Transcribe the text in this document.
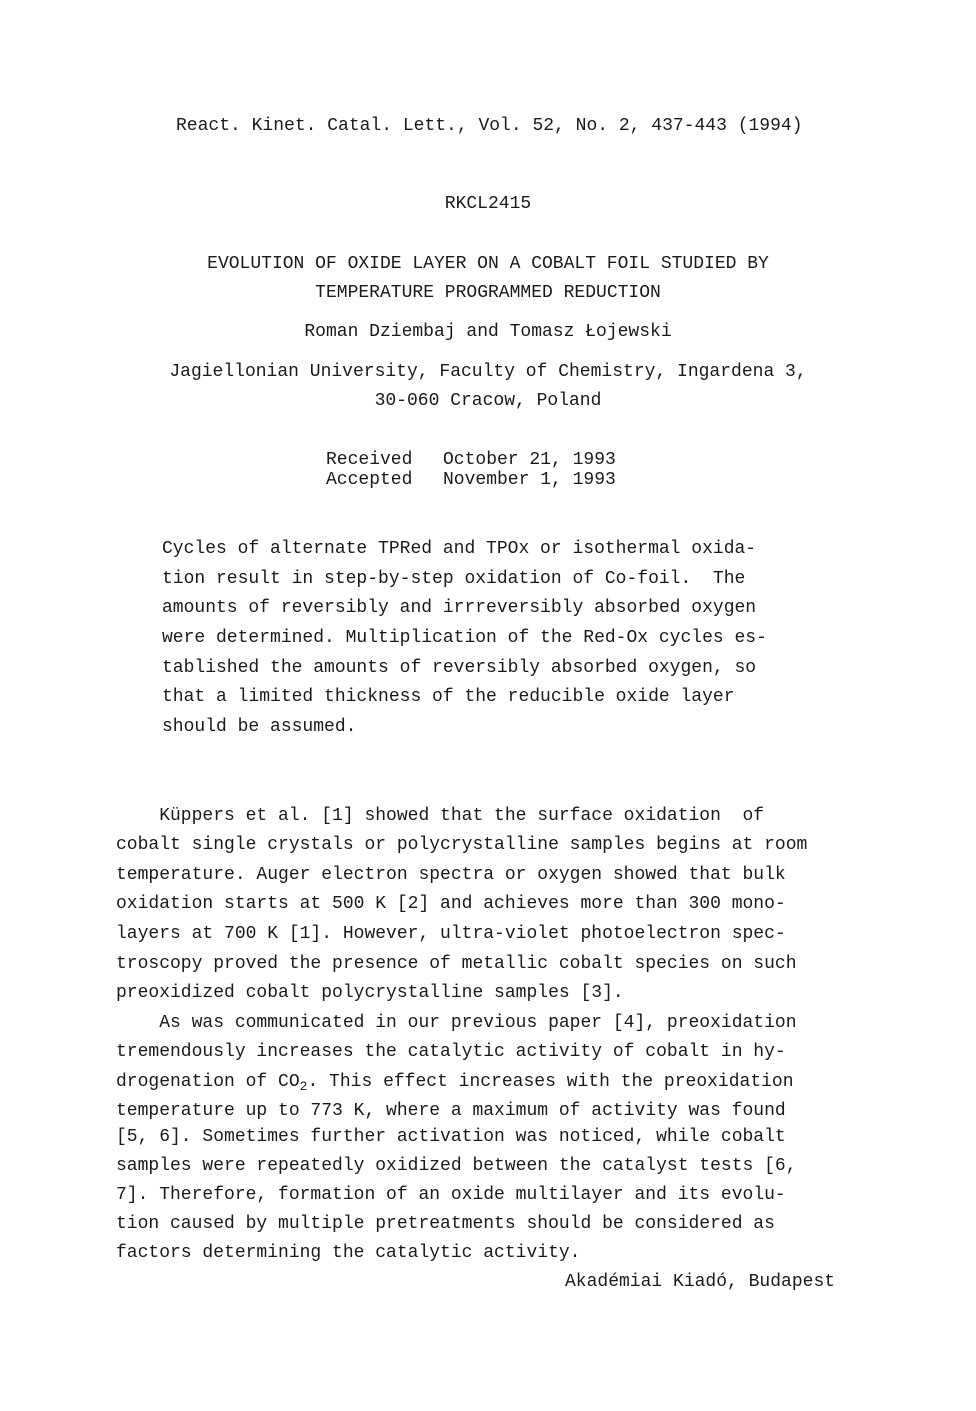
React. Kinet. Catal. Lett., Vol. 52, No. 2, 437-443 (1994)
RKCL2415
EVOLUTION OF OXIDE LAYER ON A COBALT FOIL STUDIED BY
TEMPERATURE PROGRAMMED REDUCTION
Roman Dziembaj and Tomasz Łojewski
Jagiellonian University, Faculty of Chemistry, Ingardena 3,
30-060 Cracow, Poland
Received October 21, 1993
Accepted November 1, 1993
Cycles of alternate TPRed and TPOx or isothermal oxida-
tion result in step-by-step oxidation of Co-foil.  The
amounts of reversibly and irrreversibly absorbed oxygen
were determined. Multiplication of the Red-Ox cycles es-
tablished the amounts of reversibly absorbed oxygen, so
that a limited thickness of the reducible oxide layer
should be assumed.
Küppers et al. [1] showed that the surface oxidation  of
cobalt single crystals or polycrystalline samples begins at room
temperature. Auger electron spectra or oxygen showed that bulk
oxidation starts at 500 K [2] and achieves more than 300 mono-
layers at 700 K [1]. However, ultra-violet photoelectron spec-
troscopy proved the presence of metallic cobalt species on such
preoxidized cobalt polycrystalline samples [3].
As was communicated in our previous paper [4], preoxidation
tremendously increases the catalytic activity of cobalt in hy-
drogenation of $CO_2$. This effect increases with the preoxidation
temperature up to 773 K, where a maximum of activity was found
[5, 6]. Sometimes further activation was noticed, while cobalt
samples were repeatedly oxidized between the catalyst tests [6,
7]. Therefore, formation of an oxide multilayer and its evolu-
tion caused by multiple pretreatments should be considered as
factors determining the catalytic activity.
Akadémiai Kiadó, Budapest
